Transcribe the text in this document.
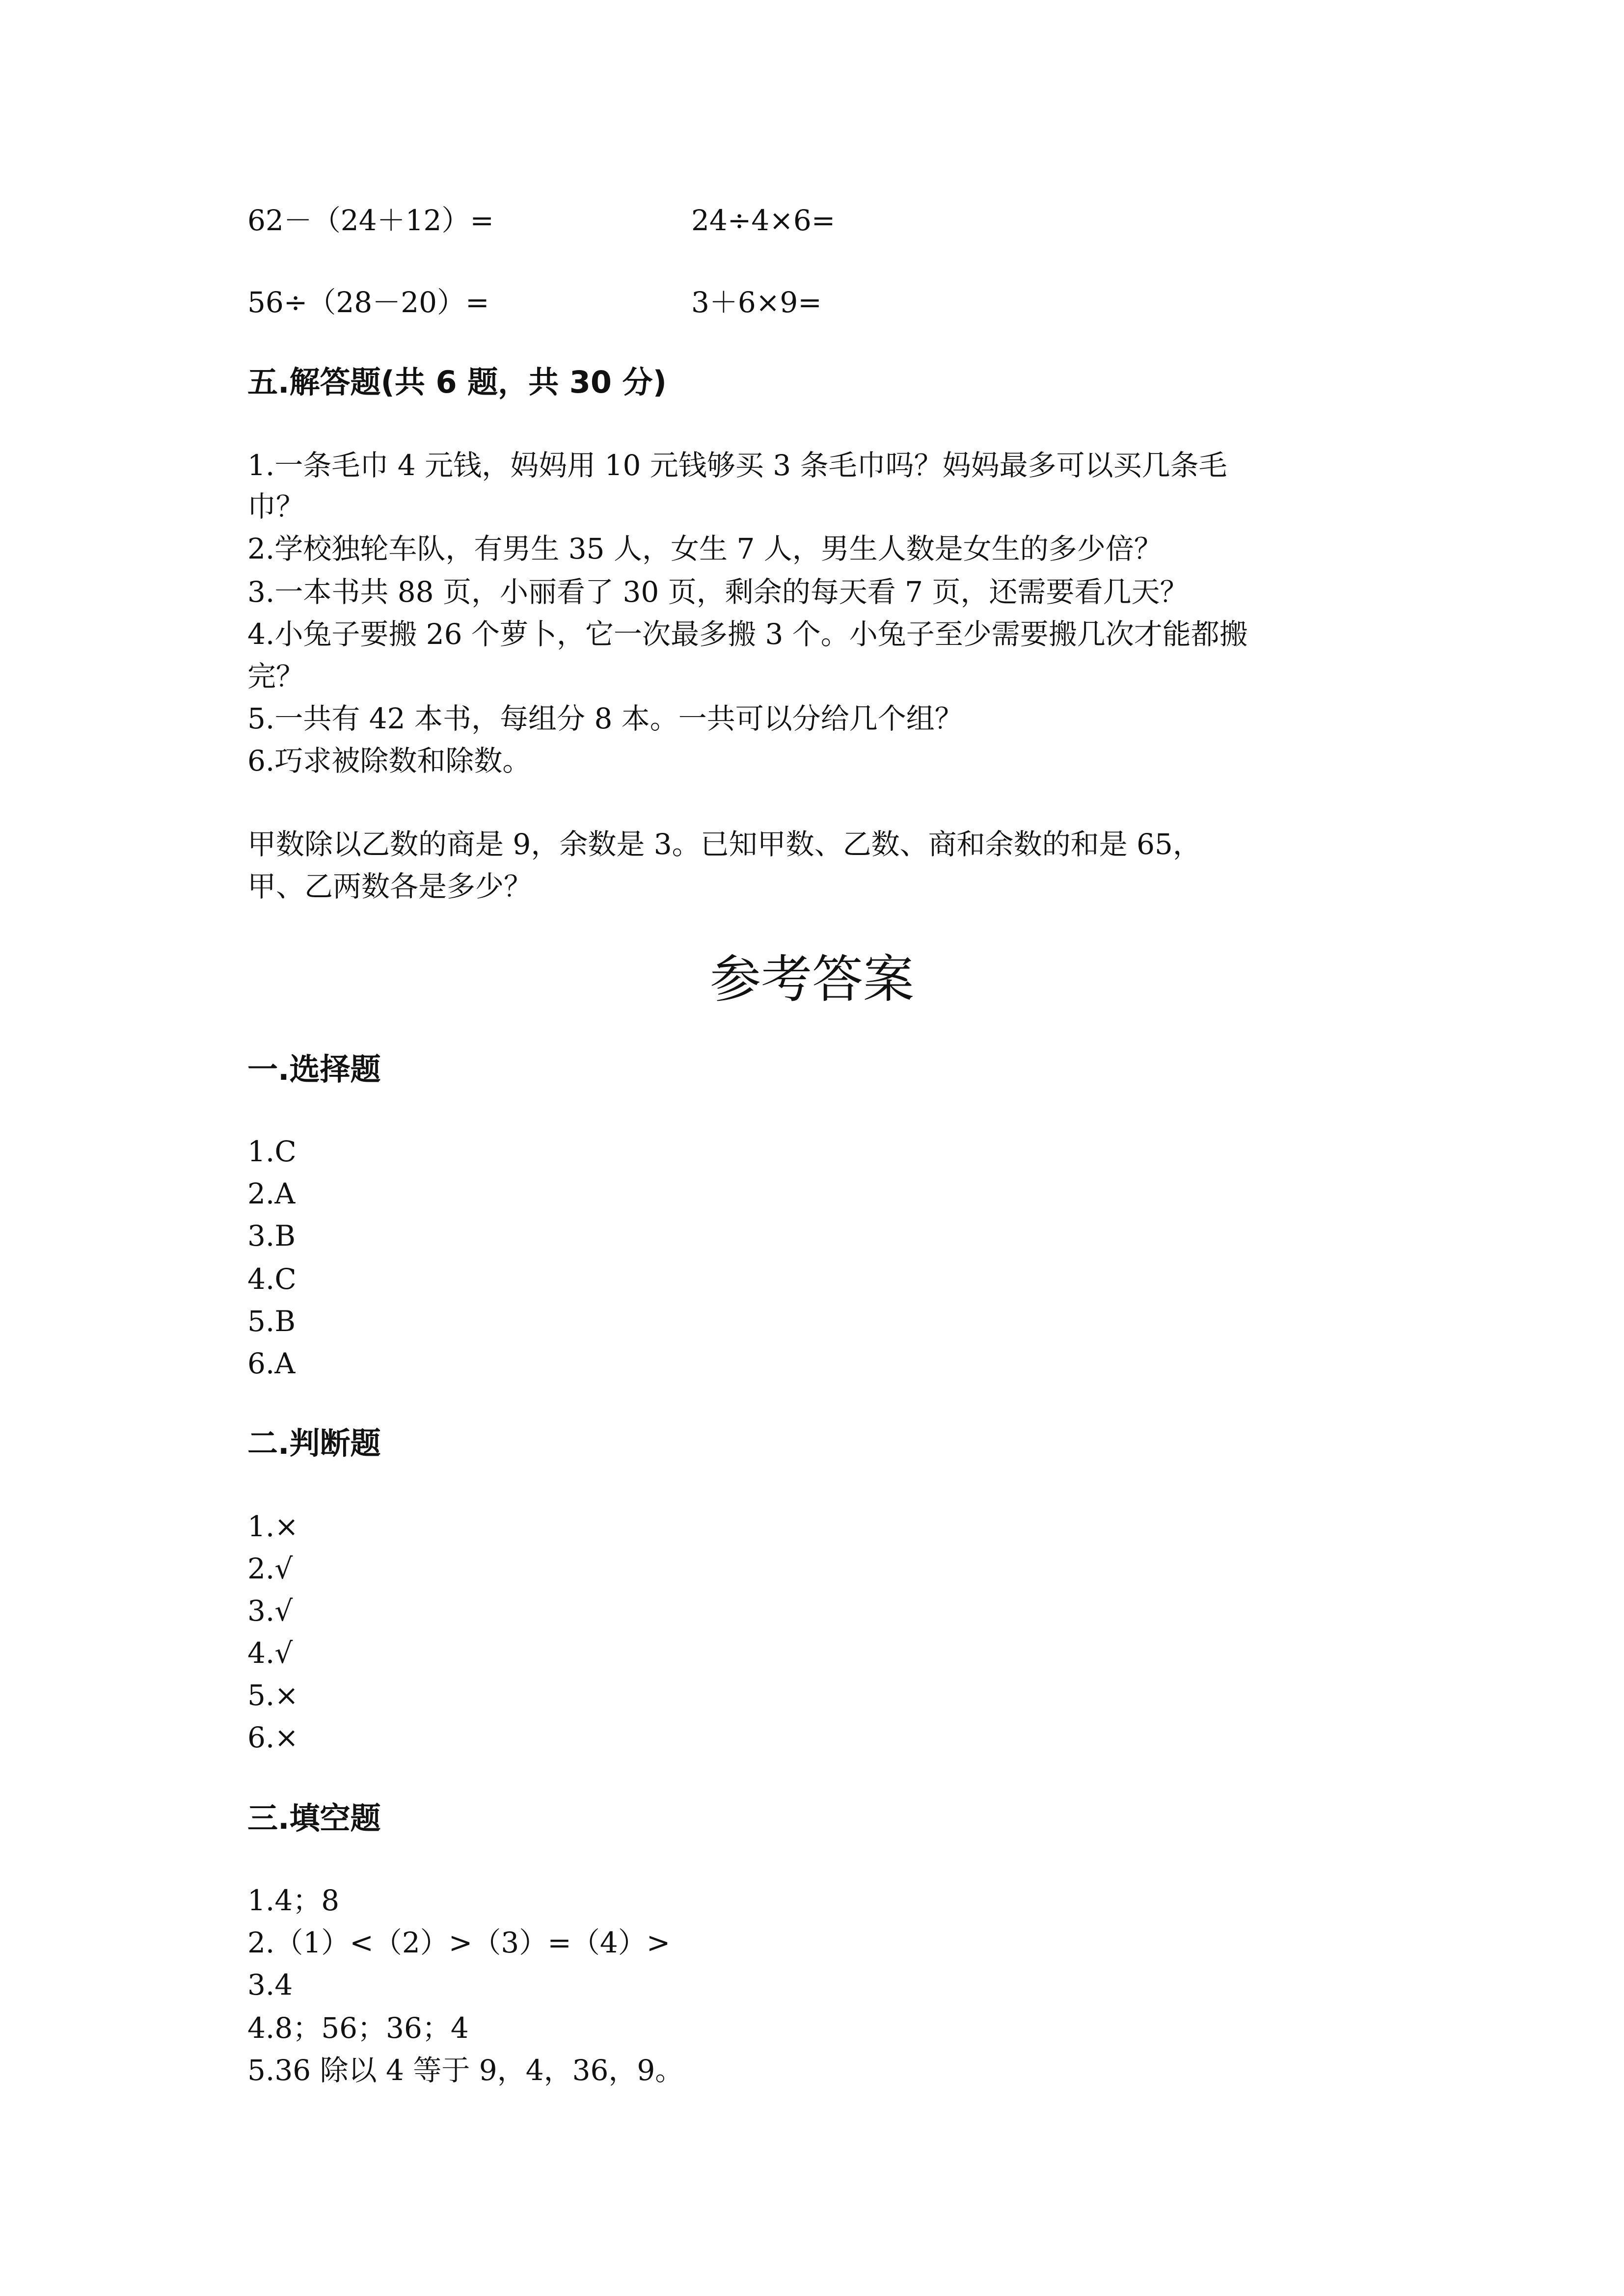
62－（24＋12）=	24÷4×6=
56÷（28－20）=	3＋6×9=
五.解答题(共 6 题，共 30 分)
1.一条毛巾 4 元钱，妈妈用 10 元钱够买 3 条毛巾吗？妈妈最多可以买几条毛
巾？
2.学校独轮车队，有男生 35 人，女生 7 人，男生人数是女生的多少倍？
3.一本书共 88 页，小丽看了 30 页，剩余的每天看 7 页，还需要看几天？
4.小兔子要搬 26 个萝卜，它一次最多搬 3 个。小兔子至少需要搬几次才能都搬
完？
5.一共有 42 本书，每组分 8 本。一共可以分给几个组？
6.巧求被除数和除数。
甲数除以乙数的商是 9，余数是 3。已知甲数、乙数、商和余数的和是 65，
甲、乙两数各是多少？
参考答案
一.选择题
1.C
2.A
3.B
4.C
5.B
6.A
二.判断题
1.×
2.√
3.√
4.√
5.×
6.×
三.填空题
1.4；8
2.（1）<（2）>（3）=（4）>
3.4
4.8；56；36；4
5.36 除以 4 等于 9，4，36，9。
